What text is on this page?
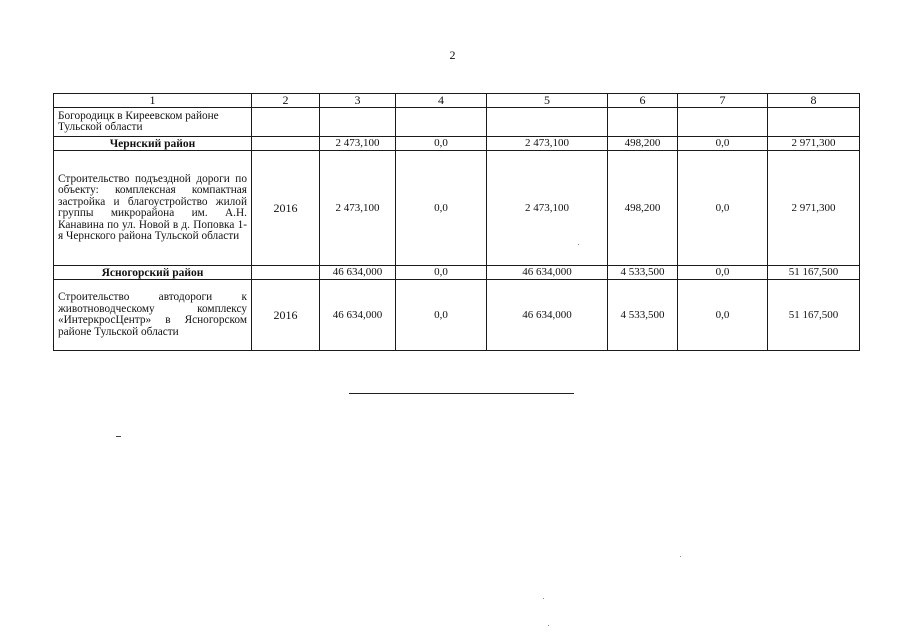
2
1	2	3	4	5	6	7	8
Богородицк в Киреевском районе Тульской области							
Чернский район		2 473,100	0,0	2 473,100	498,200	0,0	2 971,300
Строительство подъездной дороги по объекту: комплексная компактная застройка и благоустройство жилой группы микрорайона им. А.Н. Канавина по ул. Новой в д. Поповка 1-я Чернского района Тульской области	2016	2 473,100	0,0	2 473,100	498,200	0,0	2 971,300
Ясногорский район		46 634,000	0,0	46 634,000	4 533,500	0,0	51 167,500
Строительство автодороги к животноводческому комплексу «ИнтеркросЦентр» в Ясногорском районе Тульской области	2016	46 634,000	0,0	46 634,000	4 533,500	0,0	51 167,500
